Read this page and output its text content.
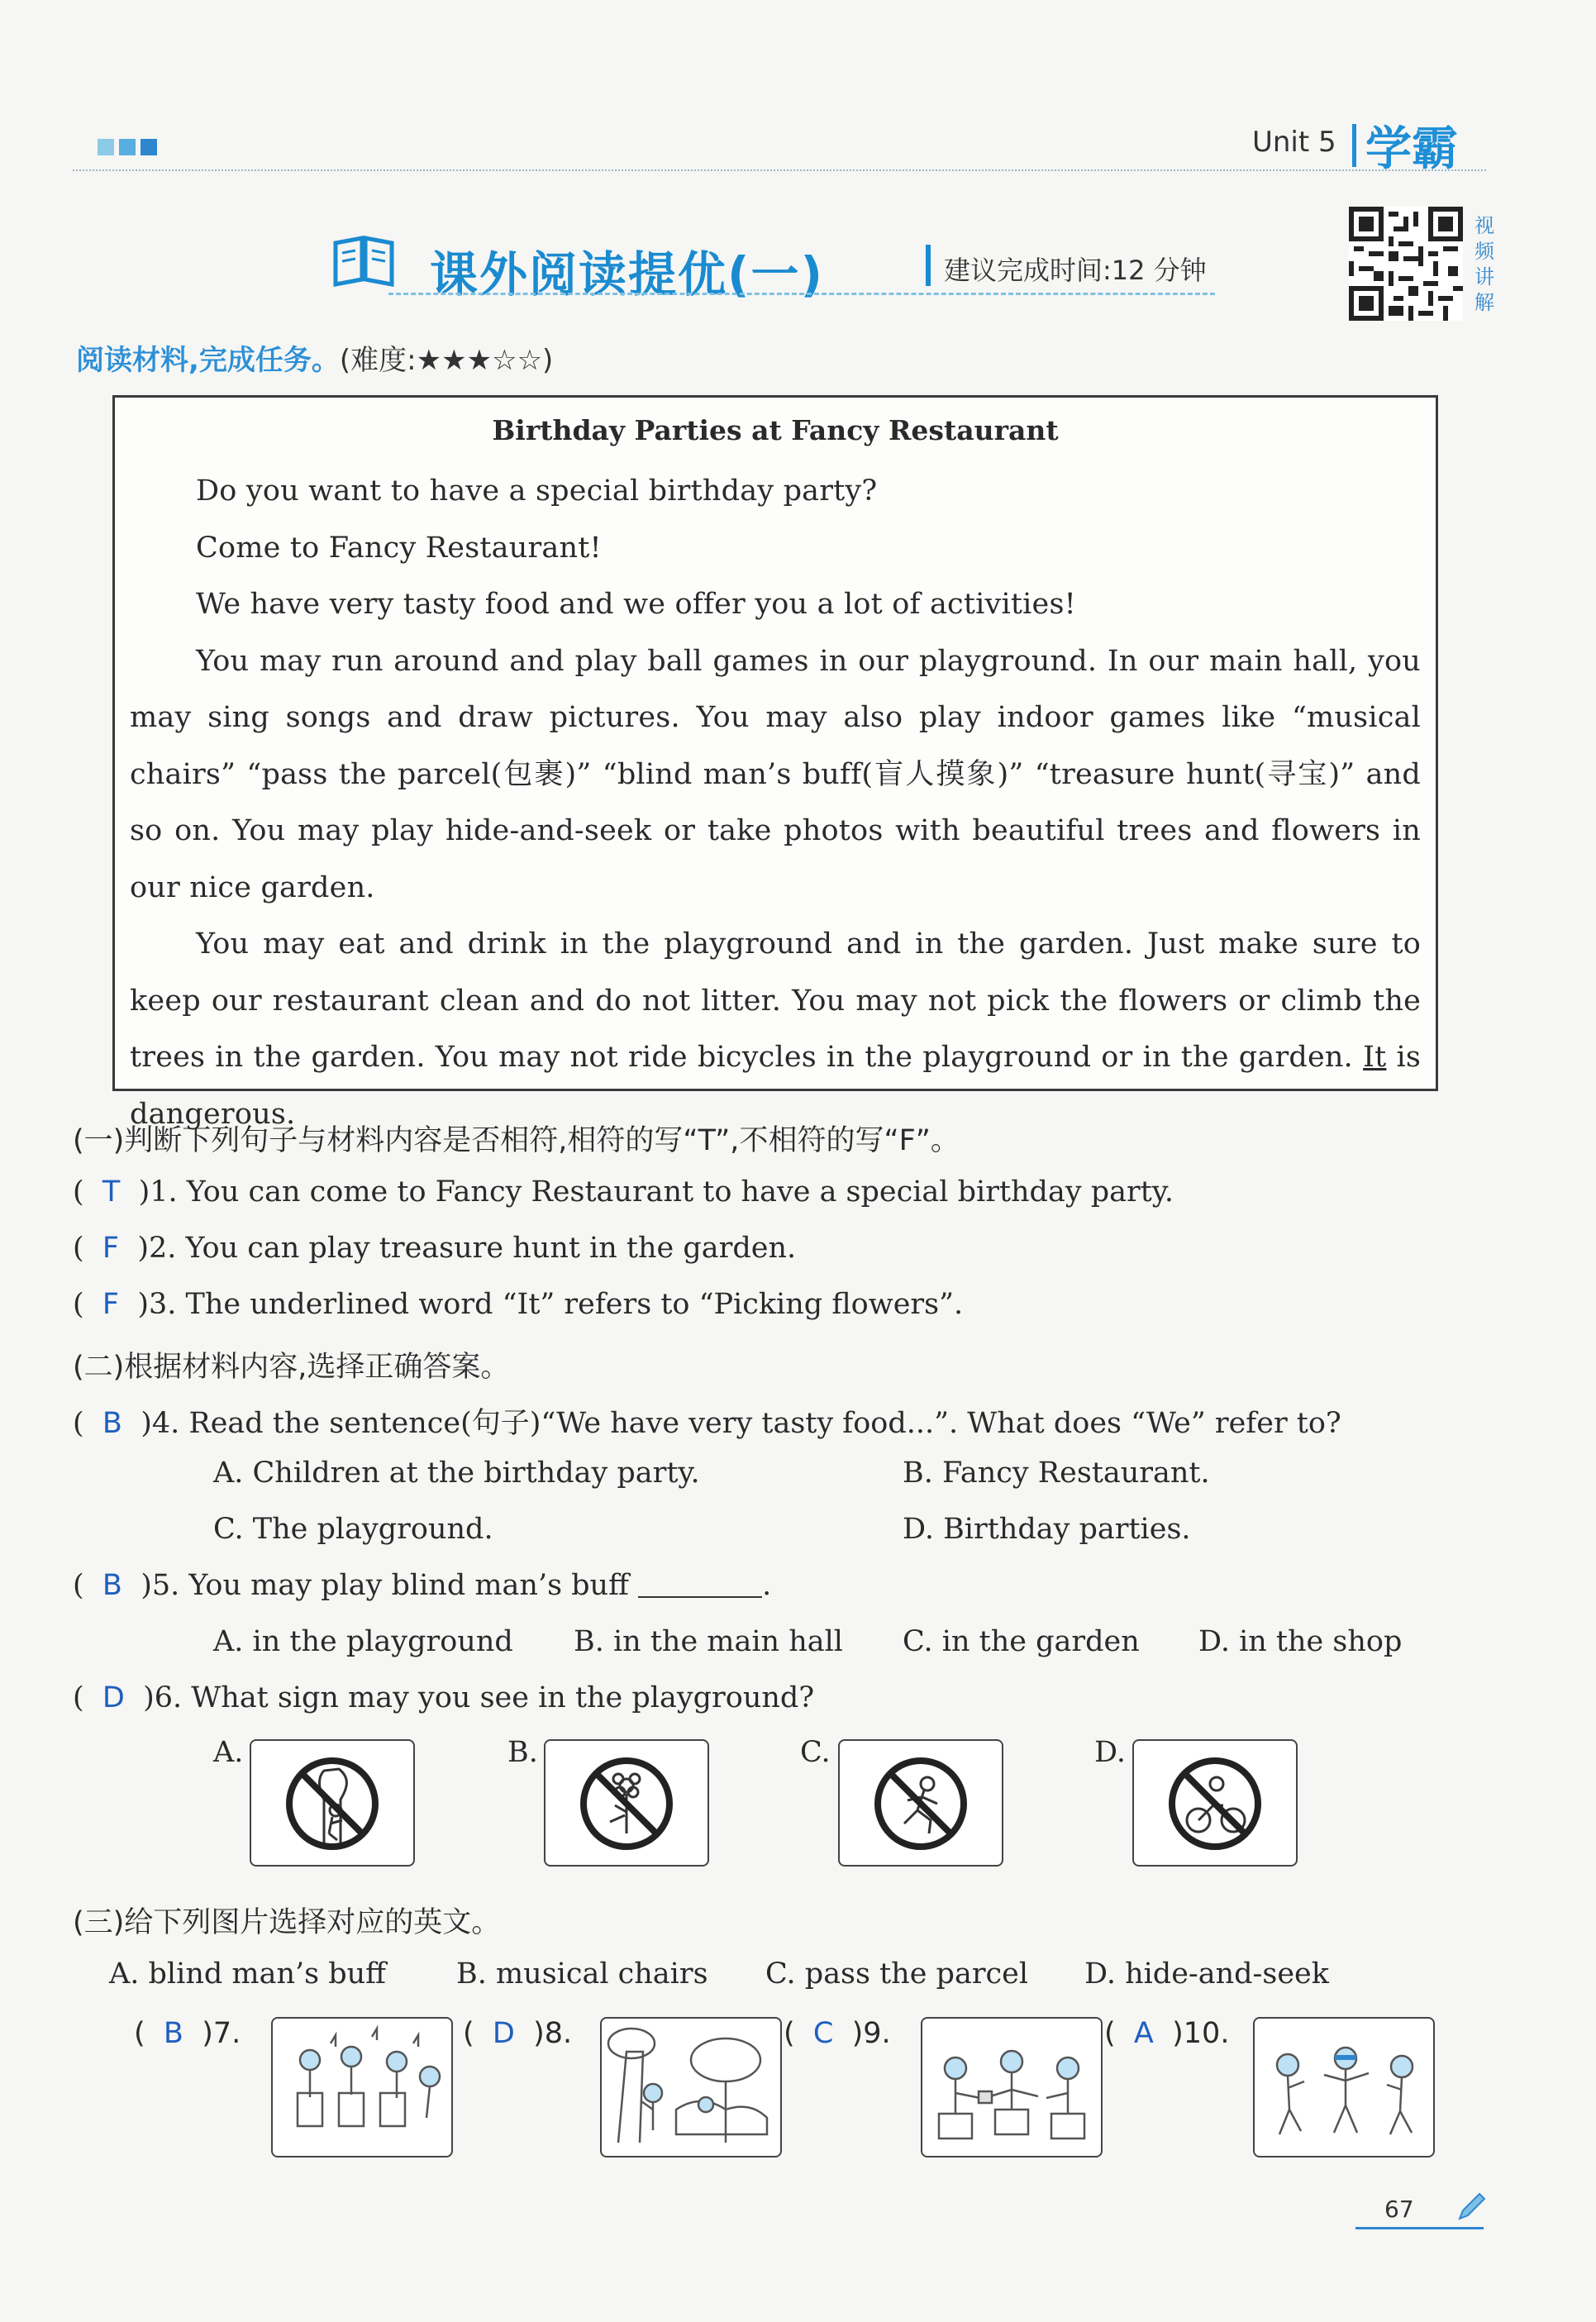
Unit 5 学霸
课外阅读提优(一)	建议完成时间:12 分钟
视频讲解
阅读材料,完成任务。(难度:★★★☆☆)
Birthday Parties at Fancy Restaurant

Do you want to have a special birthday party?

Come to Fancy Restaurant!

We have very tasty food and we offer you a lot of activities!

You may run around and play ball games in our playground. In our main hall, you may sing songs and draw pictures. You may also play indoor games like “musical chairs” “pass the parcel(包裹)” “blind man’s buff(盲人摸象)” “treasure hunt(寻宝)” and so on. You may play hide-and-seek or take photos with beautiful trees and flowers in our nice garden.

You may eat and drink in the playground and in the garden. Just make sure to keep our restaurant clean and do not litter. You may not pick the flowers or climb the trees in the garden. You may not ride bicycles in the playground or in the garden. It is dangerous.

(一)判断下列句子与材料内容是否相符,相符的写“T”,不相符的写“F”。
(  T )1. You can come to Fancy Restaurant to have a special birthday party.
(  F )2. You can play treasure hunt in the garden.
(  F )3. The underlined word “It” refers to “Picking flowers”.
(二)根据材料内容,选择正确答案。
(  B )4. Read the sentence(句子)“We have very tasty food...”. What does “We” refer to?
A. Children at the birthday party.	B. Fancy Restaurant.
C. The playground.	D. Birthday parties.
(  B )5. You may play blind man’s buff	.
A. in the playground B. in the main hall C. in the garden D. in the shop
(  D )6. What sign may you see in the playground?
A.	B.	C.	D.
(三)给下列图片选择对应的英文。
A. blind man’s buff B. musical chairs C. pass the parcel D. hide-and-seek
(  B )7.	(  D )8.	(  C )9.	(  A )10.
67
